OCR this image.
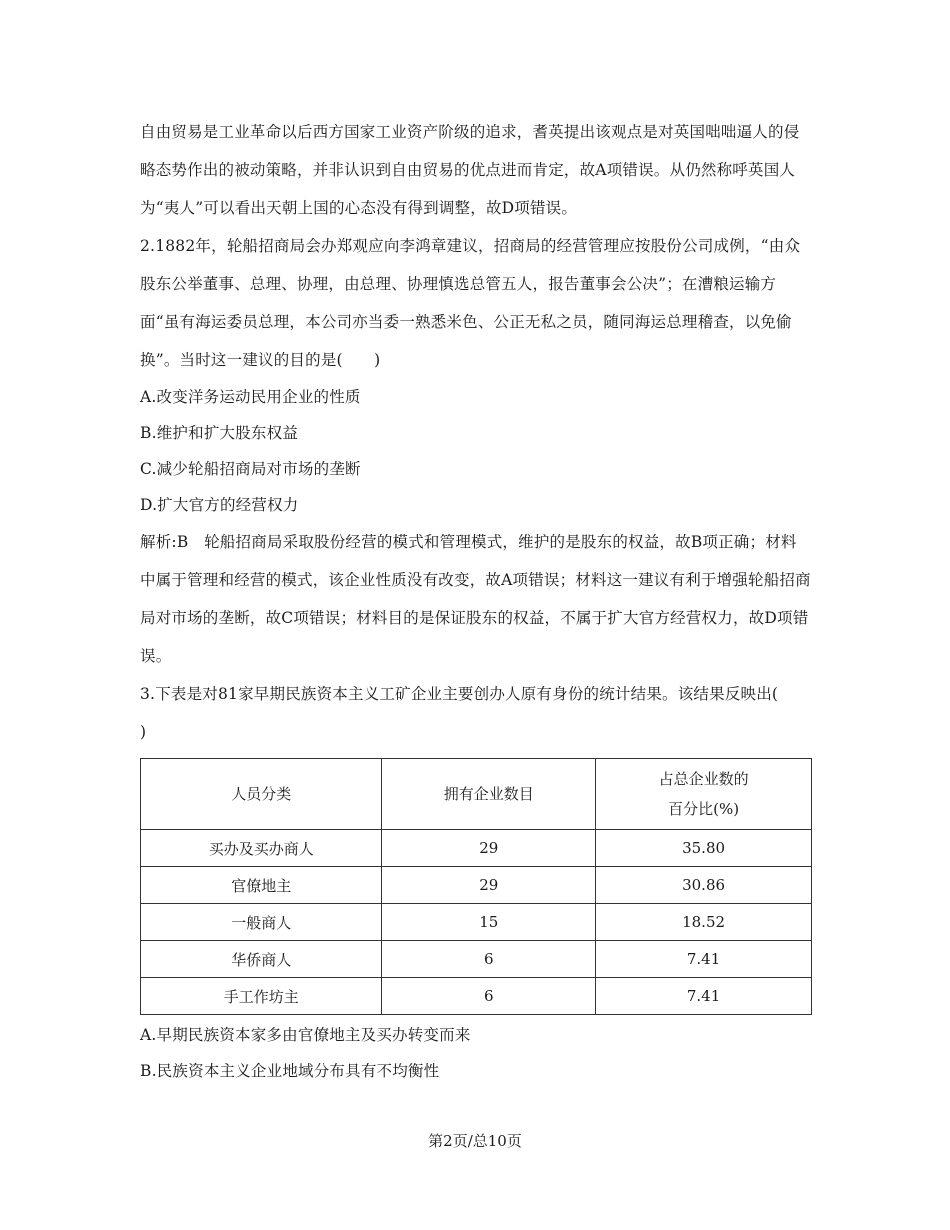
自由贸易是工业革命以后西方国家工业资产阶级的追求，耆英提出该观点是对英国咄咄逼人的侵略态势作出的被动策略，并非认识到自由贸易的优点进而肯定，故A项错误。从仍然称呼英国人为“夷人”可以看出天朝上国的心态没有得到调整，故D项错误。

2.1882年，轮船招商局会办郑观应向李鸿章建议，招商局的经营管理应按股份公司成例，“由众股东公举董事、总理、协理，由总理、协理慎选总管五人，报告董事会公决”；在漕粮运输方面“虽有海运委员总理，本公司亦当委一熟悉米色、公正无私之员，随同海运总理稽查，以免偷换”。当时这一建议的目的是(　　)

A.改变洋务运动民用企业的性质

B.维护和扩大股东权益

C.减少轮船招商局对市场的垄断

D.扩大官方的经营权力

解析:B　轮船招商局采取股份经营的模式和管理模式，维护的是股东的权益，故B项正确；材料中属于管理和经营的模式，该企业性质没有改变，故A项错误；材料这一建议有利于增强轮船招商局对市场的垄断，故C项错误；材料目的是保证股东的权益，不属于扩大官方经营权力，故D项错误。

3.下表是对81家早期民族资本主义工矿企业主要创办人原有身份的统计结果。该结果反映出(　　)

人员分类	拥有企业数目	占总企业数的
百分比(%)

买办及买办商人	29	35.80
官僚地主	29	30.86
一般商人	15	18.52
华侨商人	6	7.41
手工作坊主	6	7.41

A.早期民族资本家多由官僚地主及买办转变而来

B.民族资本主义企业地域分布具有不均衡性

第2页/总10页
